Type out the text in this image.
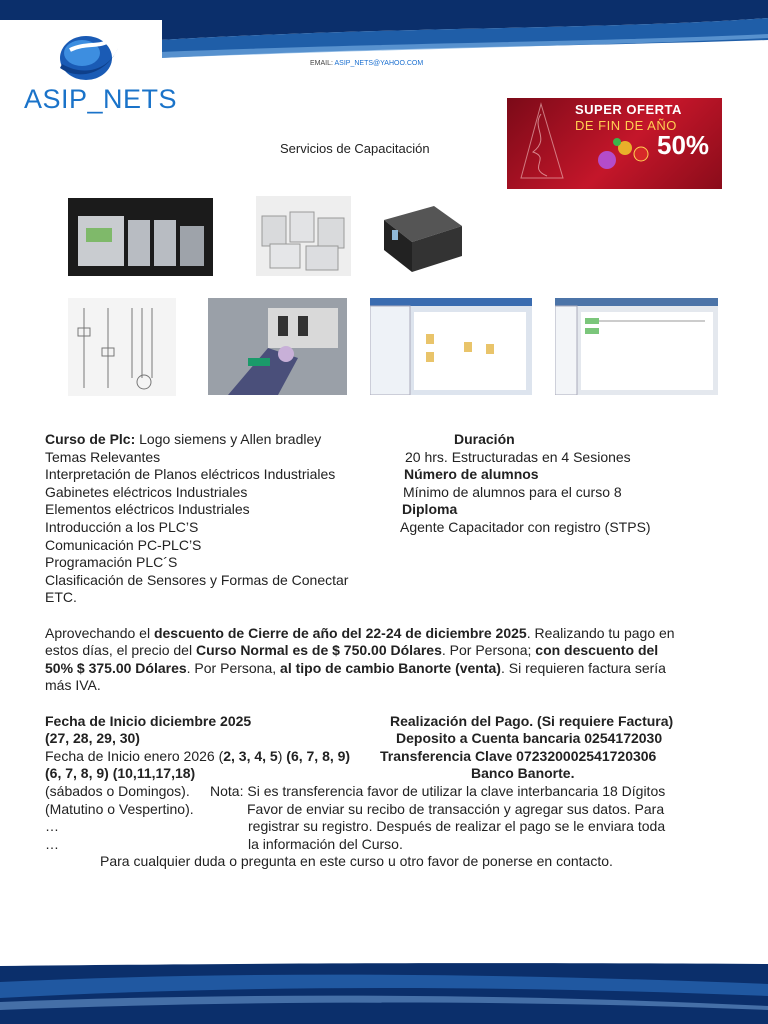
ASIP_NETS
EMAIL: ASIP_NETS@YAHOO.COM
Servicios de Capacitación
SUPER OFERTA
DE FIN DE AÑO
50%
Curso de Plc: Logo siemens y Allen bradley
Temas Relevantes
Interpretación de Planos eléctricos Industriales
Gabinetes eléctricos Industriales
Elementos eléctricos Industriales
Introducción a los PLC’S
Comunicación PC-PLC’S
Programación PLC´S
Clasificación de Sensores y Formas de Conectar
ETC.
Duración
20 hrs. Estructuradas en 4 Sesiones
Número de alumnos
Mínimo de alumnos para el curso 8
Diploma
Agente Capacitador con registro (STPS)
Aprovechando el descuento de Cierre de año del 22-24 de diciembre 2025. Realizando tu pago en
estos días, el precio del Curso Normal es de $ 750.00 Dólares. Por Persona; con descuento del
50% $ 375.00 Dólares. Por Persona, al tipo de cambio Banorte (venta). Si requieren factura sería
más IVA.
Fecha de Inicio diciembre 2025
(27, 28, 29, 30)
Fecha de Inicio enero 2026 (2, 3, 4, 5) (6, 7, 8, 9)
(6, 7, 8, 9) (10,11,17,18)
(sábados o Domingos).
(Matutino o Vespertino).
…
…
Realización del Pago. (Si requiere Factura)
Deposito a Cuenta bancaria 0254172030
Transferencia Clave 072320002541720306
Banco Banorte.
Nota: Si es transferencia favor de utilizar la clave interbancaria 18 Dígitos
Favor de enviar su recibo de transacción y agregar sus datos. Para
registrar su registro. Después de realizar el pago se le enviara toda
la información del Curso.
Para cualquier duda o pregunta en este curso u otro favor de ponerse en contacto.
